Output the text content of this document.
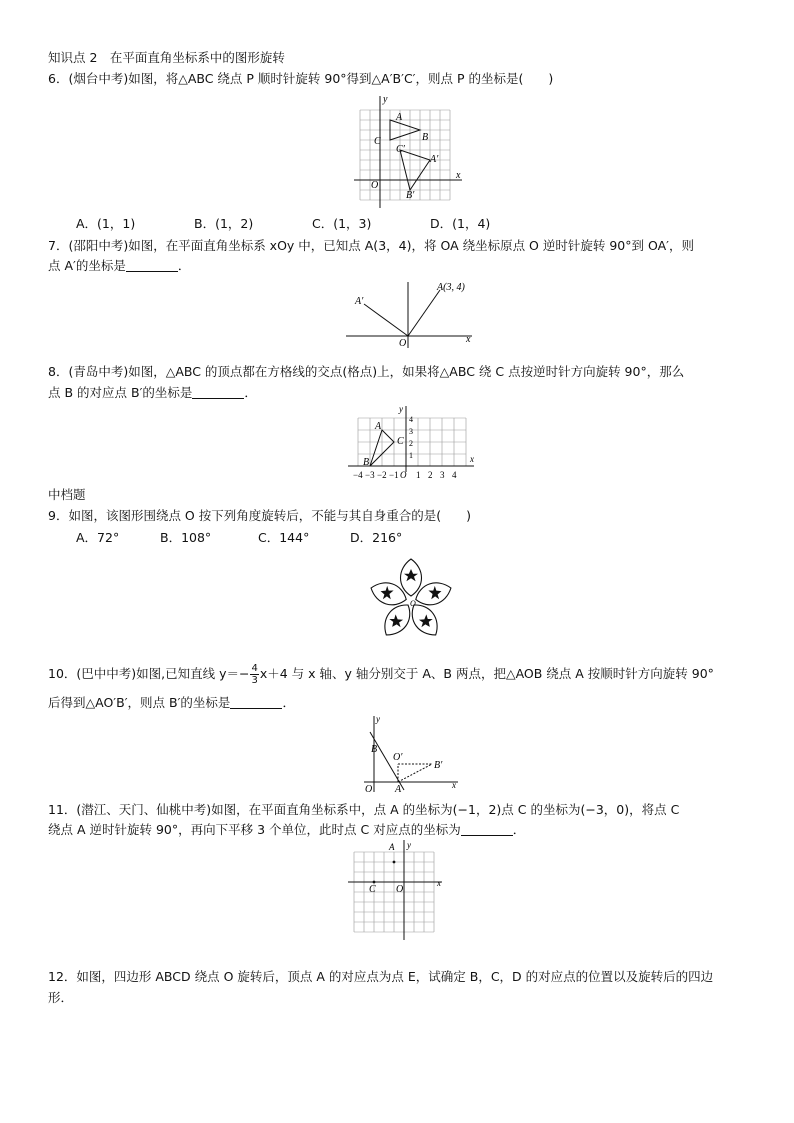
知识点 2　在平面直角坐标系中的图形旋转
6．(烟台中考)如图，将△ABC 绕点 P 顺时针旋转 90°得到△A′B′C′，则点 P 的坐标是(　　)
y
x
O
A
B
C
A′
B′
C′
A．(1，1)	B．(1，2)	C．(1，3)	D．(1，4)
7．(邵阳中考)如图，在平面直角坐标系 xOy 中，已知点 A(3，4)，将 OA 绕坐标原点 O 逆时针旋转 90°到 OA′，则
点 A′的坐标是	．
A′
A(3, 4)
O	x
8．(青岛中考)如图，△ABC 的顶点都在方格线的交点(格点)上，如果将△ABC 绕 C 点按逆时针方向旋转 90°，那么
点 B 的对应点 B′的坐标是	．
y
x
A
C
B
4
3
2
1
−4 −3 −2 −1 O 1 2 3 4
中档题
9．如图，该图形围绕点 O 按下列角度旋转后，不能与其自身重合的是(　　)
A．72°	B．108°	C．144°	D．216°
O
10．(巴中中考)如图,已知直线 $y=- \frac{4}{3} x+4$ 与 x 轴、y 轴分别交于 A、B 两点，把△AOB 绕点 A 按顺时针方向旋转 90°
后得到△AO′B′，则点 B′的坐标是	．
y
x
B
O′
B′
O A
11．(潜江、天门、仙桃中考)如图，在平面直角坐标系中，点 A 的坐标为(−1，2)点 C 的坐标为(−3，0)，将点 C
绕点 A 逆时针旋转 90°，再向下平移 3 个单位，此时点 C 对应点的坐标为	．
A y
C O
x
12．如图，四边形 ABCD 绕点 O 旋转后，顶点 A 的对应点为点 E，试确定 B，C，D 的对应点的位置以及旋转后的四边
形．
